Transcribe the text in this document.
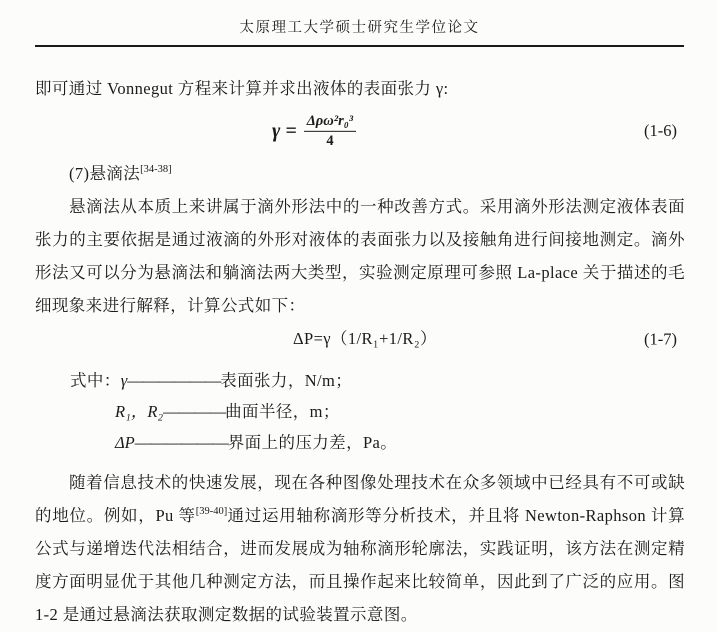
太原理工大学硕士研究生学位论文

即可通过 Vonnegut 方程来计算并求出液体的表面张力 γ:

$\gamma = \frac{\text{Δρω²r₀³}}{4}$	(1-6)

(7)悬滴法[34-38]

悬滴法从本质上来讲属于滴外形法中的一种改善方式。采用滴外形法测定液体表面

张力的主要依据是通过液滴的外形对液体的表面张力以及接触角进行间接地测定。滴外

形法又可以分为悬滴法和躺滴法两大类型，实验测定原理可参照 La-place 关于描述的毛

细现象来进行解释，计算公式如下：

ΔP=γ（1/R₁+1/R₂）	(1-7)

式中：γ——————表面张力，N/m；

R₁，R₂————曲面半径，m；

ΔP——————界面上的压力差，Pa。

随着信息技术的快速发展，现在各种图像处理技术在众多领域中已经具有不可或缺

的地位。例如，Pu 等[39-40]通过运用轴称滴形等分析技术，并且将 Newton-Raphson 计算

公式与递增迭代法相结合，进而发展成为轴称滴形轮廓法，实践证明，该方法在测定精

度方面明显优于其他几种测定方法，而且操作起来比较简单，因此到了广泛的应用。图

1-2 是通过悬滴法获取测定数据的试验装置示意图。
